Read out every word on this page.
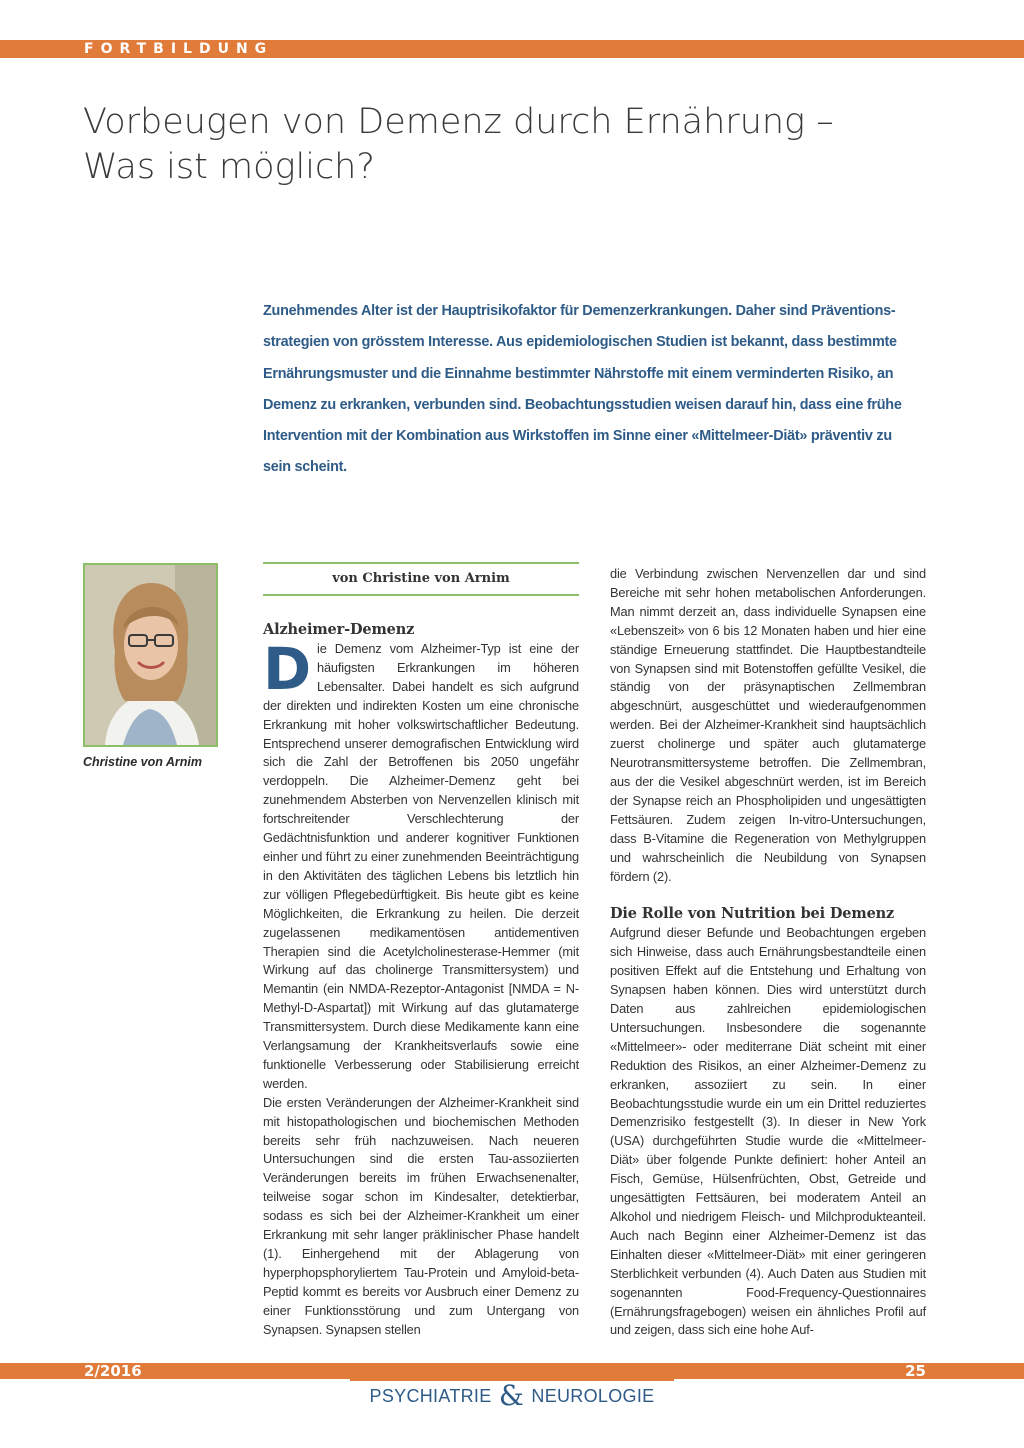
FORTBILDUNG
Vorbeugen von Demenz durch Ernährung –
Was ist möglich?

Zunehmendes Alter ist der Hauptrisikofaktor für Demenzerkrankungen. Daher sind Präventionsstrategien von grösstem Interesse. Aus epidemiologischen Studien ist bekannt, dass bestimmte Ernährungsmuster und die Einnahme bestimmter Nährstoffe mit einem verminderten Risiko, an Demenz zu erkranken, verbunden sind. Beobachtungsstudien weisen darauf hin, dass eine frühe Intervention mit der Kombination aus Wirkstoffen im Sinne einer «Mittelmeer-Diät» präventiv zu sein scheint.

Christine von Arnim
von Christine von Arnim
Alzheimer-Demenz

Die Demenz vom Alzheimer-Typ ist eine der häufigsten Erkrankungen im höheren Lebensalter. Dabei handelt es sich aufgrund der direkten und indirekten Kosten um eine chronische Erkrankung mit hoher volkswirtschaftlicher Bedeutung. Entsprechend unserer demografischen Entwicklung wird sich die Zahl der Betroffenen bis 2050 ungefähr verdoppeln. Die Alzheimer-Demenz geht bei zunehmendem Absterben von Nervenzellen klinisch mit fortschreitender Verschlechterung der Gedächtnisfunktion und anderer kognitiver Funktionen einher und führt zu einer zunehmenden Beeinträchtigung in den Aktivitäten des täglichen Lebens bis letztlich hin zur völligen Pflegebedürftigkeit. Bis heute gibt es keine Möglichkeiten, die Erkrankung zu heilen. Die derzeit zugelassenen medikamentösen antidementiven Therapien sind die Acetylcholinesterase-Hemmer (mit Wirkung auf das cholinerge Transmittersystem) und Memantin (ein NMDA-Rezeptor-Antagonist [NMDA = N-Methyl-D-Aspartat]) mit Wirkung auf das glutamaterge Transmittersystem. Durch diese Medikamente kann eine Verlangsamung der Krankheitsverlaufs sowie eine funktionelle Verbesserung oder Stabilisierung erreicht werden.

Die ersten Veränderungen der Alzheimer-Krankheit sind mit histopathologischen und biochemischen Methoden bereits sehr früh nachzuweisen. Nach neueren Untersuchungen sind die ersten Tau-assoziierten Veränderungen bereits im frühen Erwachsenenalter, teilweise sogar schon im Kindesalter, detektierbar, sodass es sich bei der Alzheimer-Krankheit um einer Erkrankung mit sehr langer präklinischer Phase handelt (1). Einhergehend mit der Ablagerung von hyperphopsphoryliertem Tau-Protein und Amyloid-beta-Peptid kommt es bereits vor Ausbruch einer Demenz zu einer Funktionsstörung und zum Untergang von Synapsen. Synapsen stellen

die Verbindung zwischen Nervenzellen dar und sind Bereiche mit sehr hohen metabolischen Anforderungen. Man nimmt derzeit an, dass individuelle Synapsen eine «Lebenszeit» von 6 bis 12 Monaten haben und hier eine ständige Erneuerung stattfindet. Die Hauptbestandteile von Synapsen sind mit Botenstoffen gefüllte Vesikel, die ständig von der präsynaptischen Zellmembran abgeschnürt, ausgeschüttet und wiederaufgenommen werden. Bei der Alzheimer-Krankheit sind hauptsächlich zuerst cholinerge und später auch glutamaterge Neurotransmittersysteme betroffen. Die Zellmembran, aus der die Vesikel abgeschnürt werden, ist im Bereich der Synapse reich an Phospholipiden und ungesättigten Fettsäuren. Zudem zeigen In-vitro-Untersuchungen, dass B-Vitamine die Regeneration von Methylgruppen und wahrscheinlich die Neubildung von Synapsen fördern (2).

Die Rolle von Nutrition bei Demenz

Aufgrund dieser Befunde und Beobachtungen ergeben sich Hinweise, dass auch Ernährungsbestandteile einen positiven Effekt auf die Entstehung und Erhaltung von Synapsen haben können. Dies wird unterstützt durch Daten aus zahlreichen epidemiologischen Untersuchungen. Insbesondere die sogenannte «Mittelmeer»- oder mediterrane Diät scheint mit einer Reduktion des Risikos, an einer Alzheimer-Demenz zu erkranken, assoziiert zu sein. In einer Beobachtungsstudie wurde ein um ein Drittel reduziertes Demenzrisiko festgestellt (3). In dieser in New York (USA) durchgeführten Studie wurde die «Mittelmeer-Diät» über folgende Punkte definiert: hoher Anteil an Fisch, Gemüse, Hülsenfrüchten, Obst, Getreide und ungesättigten Fettsäuren, bei moderatem Anteil an Alkohol und niedrigem Fleisch- und Milchprodukteanteil. Auch nach Beginn einer Alzheimer-Demenz ist das Einhalten dieser «Mittelmeer-Diät» mit einer geringeren Sterblichkeit verbunden (4). Auch Daten aus Studien mit sogenannten Food-Frequency-Questionnaires (Ernährungsfragebogen) weisen ein ähnliches Profil auf und zeigen, dass sich eine hohe Auf-

2/2016	25
PSYCHIATRIE & NEUROLOGIE
